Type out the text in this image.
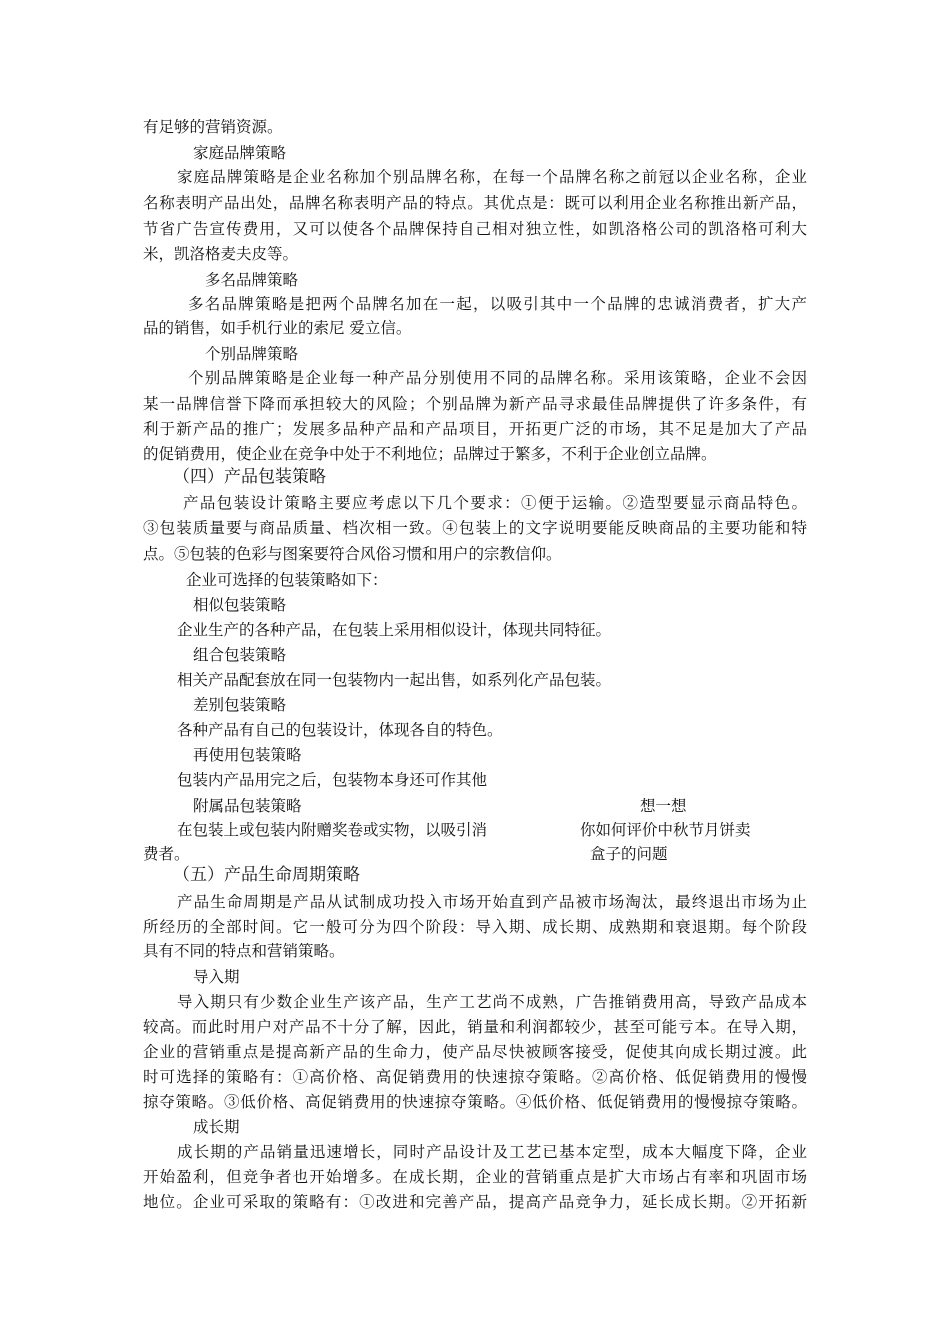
有足够的营销资源。
家庭品牌策略
家庭品牌策略是企业名称加个别品牌名称，在每一个品牌名称之前冠以企业名称，企业
名称表明产品出处，品牌名称表明产品的特点。其优点是：既可以利用企业名称推出新产品，
节省广告宣传费用，又可以使各个品牌保持自己相对独立性，如凯洛格公司的凯洛格可利大
米，凯洛格麦夫皮等。
多名品牌策略
多名品牌策略是把两个品牌名加在一起，以吸引其中一个品牌的忠诚消费者，扩大产
品的销售，如手机行业的索尼 爱立信。
个别品牌策略
个别品牌策略是企业每一种产品分别使用不同的品牌名称。采用该策略，企业不会因
某一品牌信誉下降而承担较大的风险；个别品牌为新产品寻求最佳品牌提供了许多条件，有
利于新产品的推广；发展多品种产品和产品项目，开拓更广泛的市场，其不足是加大了产品
的促销费用，使企业在竞争中处于不利地位；品牌过于繁多，不利于企业创立品牌。
（四）产品包装策略
产品包装设计策略主要应考虑以下几个要求：①便于运输。②造型要显示商品特色。
③包装质量要与商品质量、档次相一致。④包装上的文字说明要能反映商品的主要功能和特
点。⑤包装的色彩与图案要符合风俗习惯和用户的宗教信仰。
企业可选择的包装策略如下：
相似包装策略
企业生产的各种产品，在包装上采用相似设计，体现共同特征。
组合包装策略
相关产品配套放在同一包装物内一起出售，如系列化产品包装。
差别包装策略
各种产品有自己的包装设计，体现各自的特色。
再使用包装策略
包装内产品用完之后，包装物本身还可作其他
附属品包装策略
在包装上或包装内附赠奖卷或实物，以吸引消
费者。
想一想
你如何评价中秋节月饼卖
盒子的问题
（五）产品生命周期策略
产品生命周期是产品从试制成功投入市场开始直到产品被市场淘汰，最终退出市场为止
所经历的全部时间。它一般可分为四个阶段：导入期、成长期、成熟期和衰退期。每个阶段
具有不同的特点和营销策略。
导入期
导入期只有少数企业生产该产品，生产工艺尚不成熟，广告推销费用高，导致产品成本
较高。而此时用户对产品不十分了解，因此，销量和利润都较少，甚至可能亏本。在导入期，
企业的营销重点是提高新产品的生命力，使产品尽快被顾客接受，促使其向成长期过渡。此
时可选择的策略有：①高价格、高促销费用的快速掠夺策略。②高价格、低促销费用的慢慢
掠夺策略。③低价格、高促销费用的快速掠夺策略。④低价格、低促销费用的慢慢掠夺策略。
成长期
成长期的产品销量迅速增长，同时产品设计及工艺已基本定型，成本大幅度下降，企业
开始盈利，但竞争者也开始增多。在成长期，企业的营销重点是扩大市场占有率和巩固市场
地位。企业可采取的策略有：①改进和完善产品，提高产品竞争力，延长成长期。②开拓新
